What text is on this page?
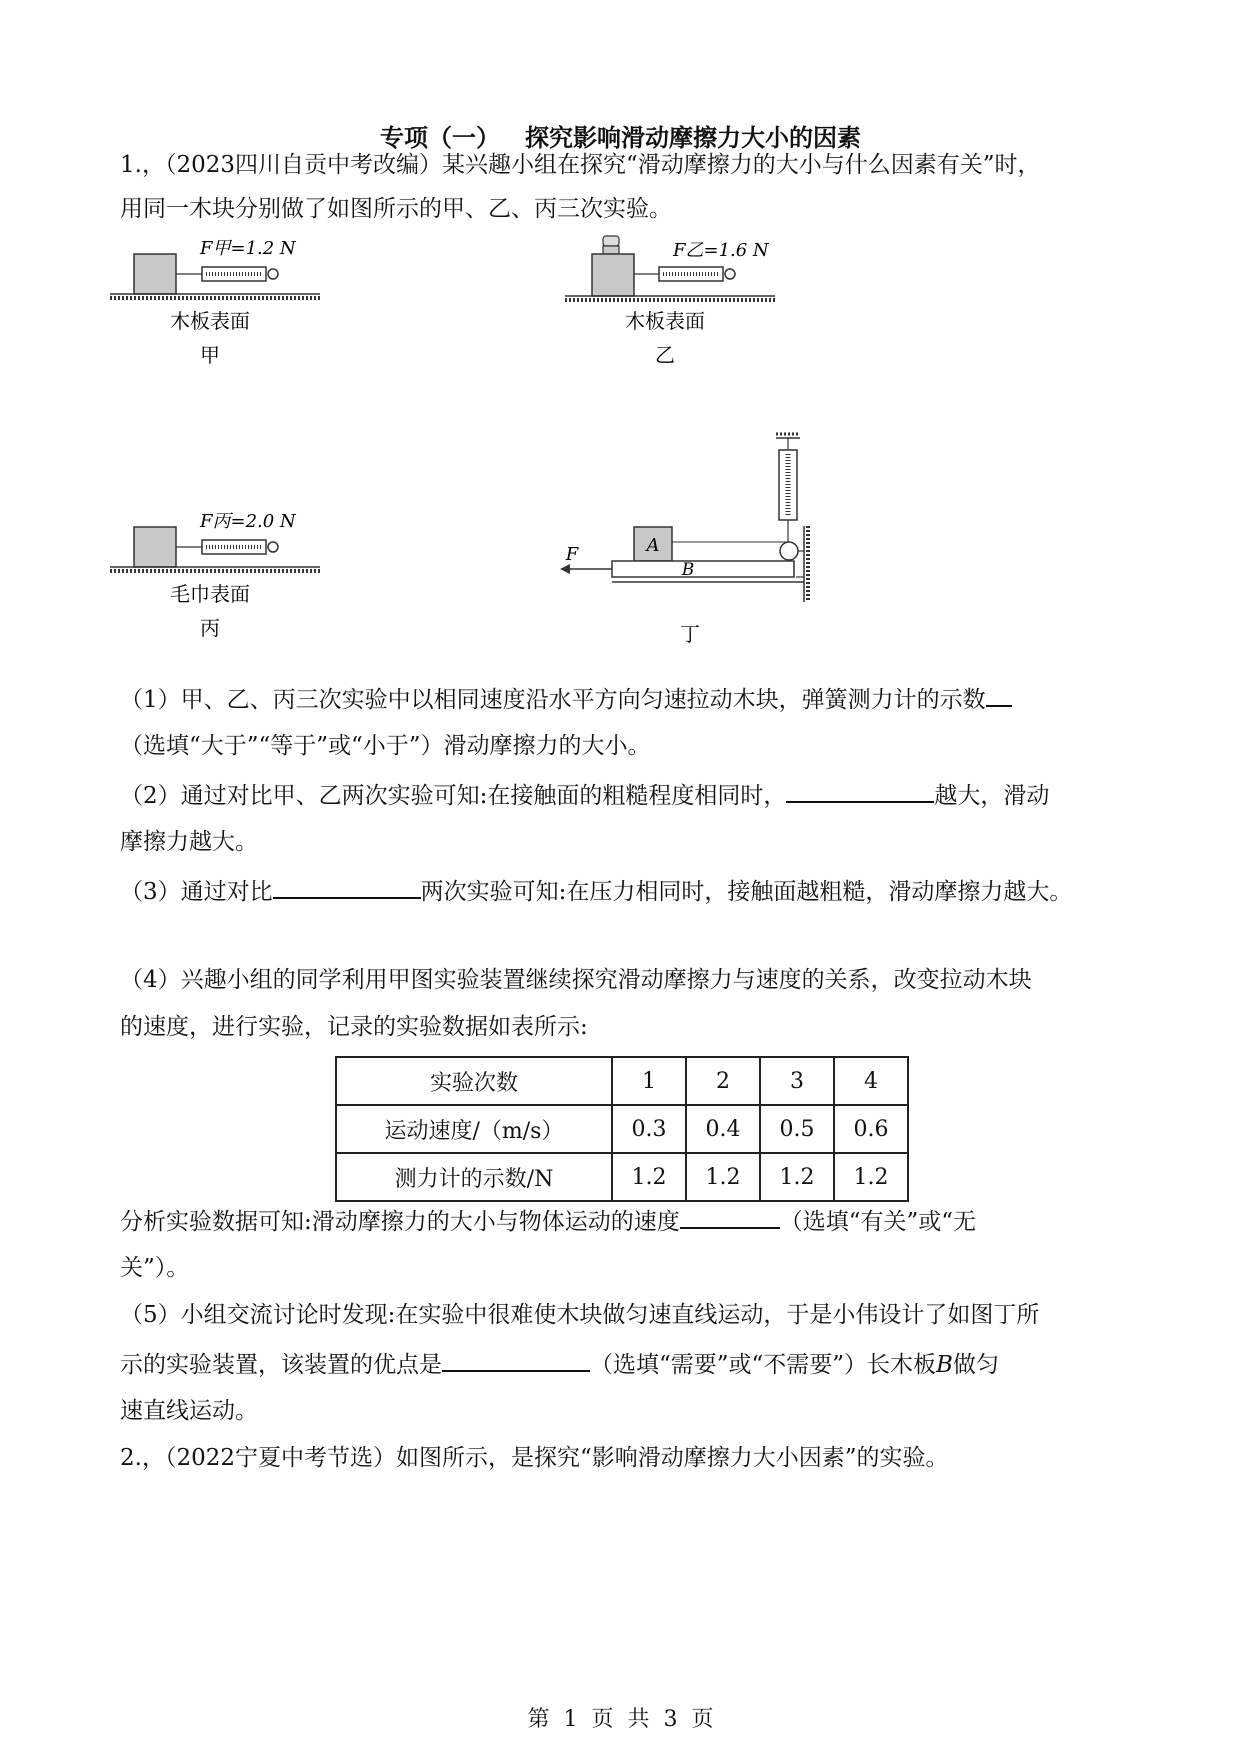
专项（一）   探究影响滑动摩擦力大小的因素
1.，（2023四川自贡中考改编）某兴趣小组在探究“滑动摩擦力的大小与什么因素有关”时，
用同一木块分别做了如图所示的甲、乙、丙三次实验。
F甲=1.2 N
木板表面
甲
F乙=1.6 N
木板表面
乙
F丙=2.0 N
毛巾表面
丙
A
B
F
丁
（1）甲、乙、丙三次实验中以相同速度沿水平方向匀速拉动木块，弹簧测力计的示数
（选填“大于”“等于”或“小于”）滑动摩擦力的大小。
（2）通过对比甲、乙两次实验可知:在接触面的粗糙程度相同时，	越大，滑动
摩擦力越大。
（3）通过对比	两次实验可知:在压力相同时，接触面越粗糙，滑动摩擦力越大。
（4）兴趣小组的同学利用甲图实验装置继续探究滑动摩擦力与速度的关系，改变拉动木块
的速度，进行实验，记录的实验数据如表所示:
实验次数	1	2	3	4
运动速度/（m/s）	0.3	0.4	0.5	0.6
测力计的示数/N	1.2	1.2	1.2	1.2
分析实验数据可知:滑动摩擦力的大小与物体运动的速度	（选填“有关”或“无
关”）。
（5）小组交流讨论时发现:在实验中很难使木块做匀速直线运动，于是小伟设计了如图丁所
示的实验装置，该装置的优点是	（选填“需要”或“不需要”）长木板B做匀
速直线运动。
2.，（2022宁夏中考节选）如图所示，是探究“影响滑动摩擦力大小因素”的实验。
第  1  页  共  3  页
